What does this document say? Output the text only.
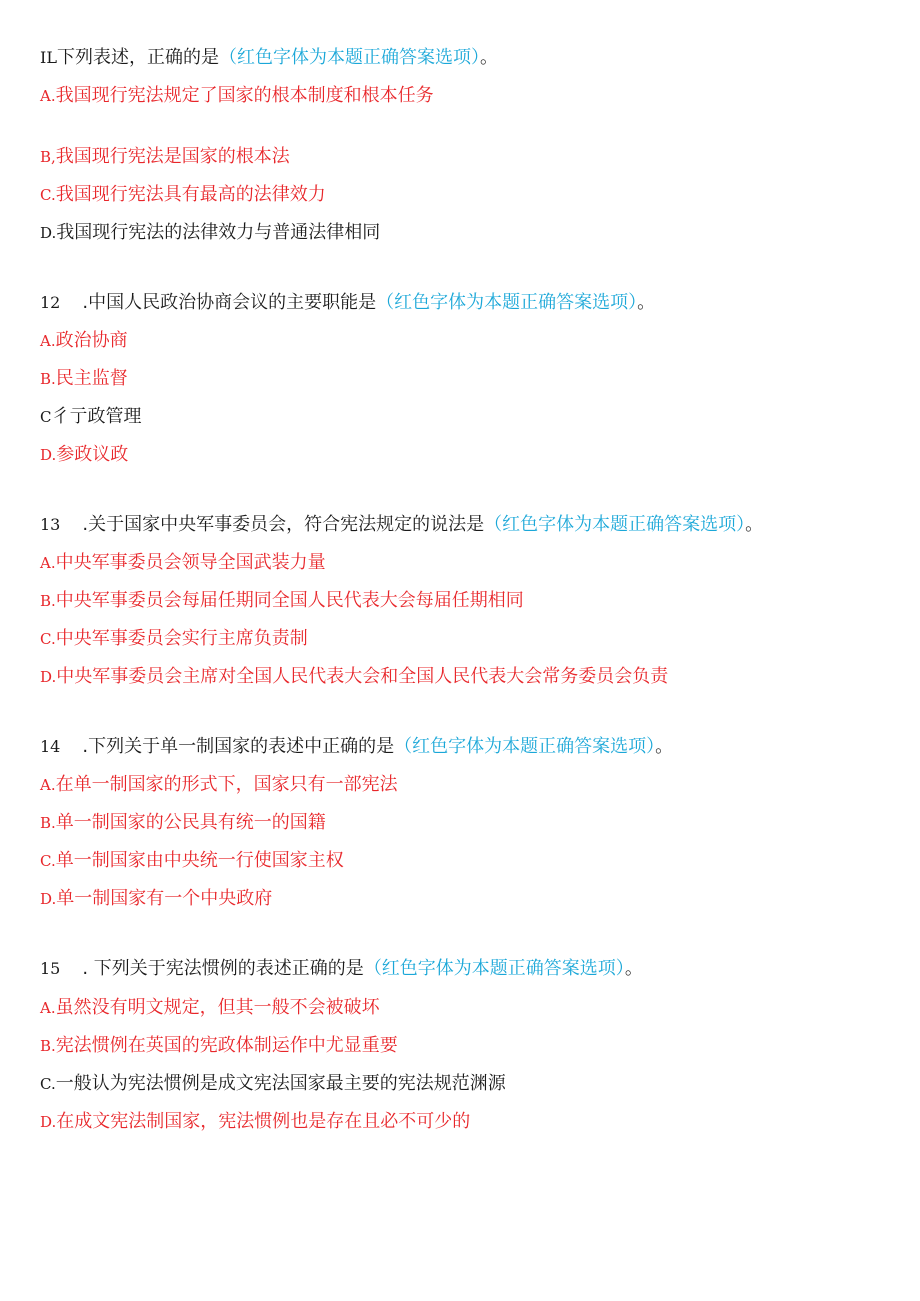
IL下列表述，正确的是（红色字体为本题正确答案选项）。
A.我国现行宪法规定了国家的根本制度和根本任务
B,我国现行宪法是国家的根本法
C.我国现行宪法具有最高的法律效力
D.我国现行宪法的法律效力与普通法律相同
12 .中国人民政治协商会议的主要职能是（红色字体为本题正确答案选项）。
A.政治协商
B.民主监督
C彳亍政管理
D.参政议政
13 .关于国家中央军事委员会，符合宪法规定的说法是（红色字体为本题正确答案选项）。
A.中央军事委员会领导全国武装力量
B.中央军事委员会每届任期同全国人民代表大会每届任期相同
C.中央军事委员会实行主席负责制
D.中央军事委员会主席对全国人民代表大会和全国人民代表大会常务委员会负责
14 .下列关于单一制国家的表述中正确的是（红色字体为本题正确答案选项）。
A.在单一制国家的形式下，国家只有一部宪法
B.单一制国家的公民具有统一的国籍
C.单一制国家由中央统一行使国家主权
D.单一制国家有一个中央政府
15 . 下列关于宪法惯例的表述正确的是（红色字体为本题正确答案选项）。
A.虽然没有明文规定，但其一般不会被破坏
B.宪法惯例在英国的宪政体制运作中尤显重要
C.一般认为宪法惯例是成文宪法国家最主要的宪法规范渊源
D.在成文宪法制国家，宪法惯例也是存在且必不可少的
